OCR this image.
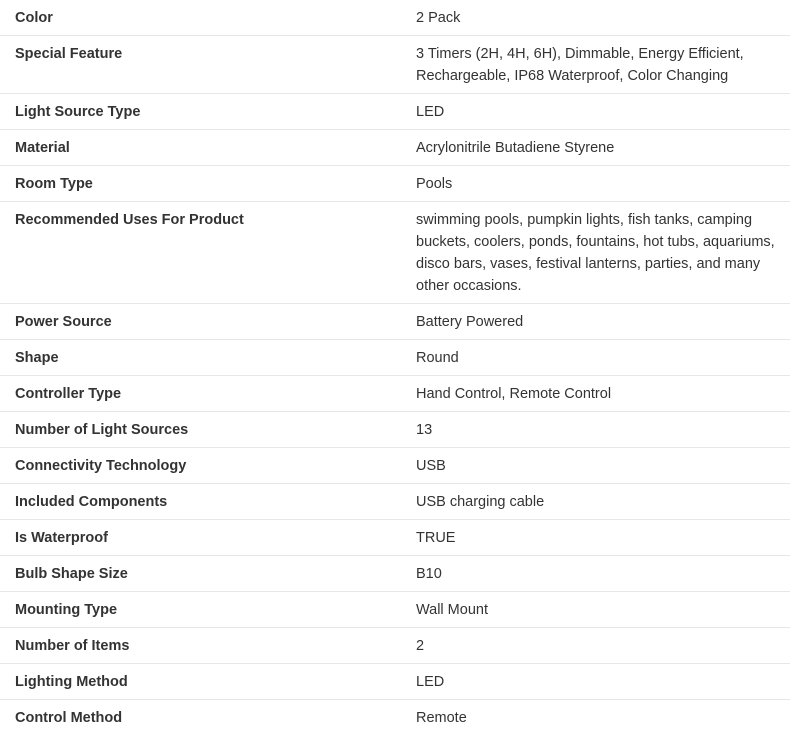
Color	2 Pack
Special Feature	3 Timers (2H, 4H, 6H), Dimmable, Energy Efficient, Rechargeable, IP68 Waterproof, Color Changing
Light Source Type	LED
Material	Acrylonitrile Butadiene Styrene
Room Type	Pools
Recommended Uses For Product	swimming pools, pumpkin lights, fish tanks, camping buckets, coolers, ponds, fountains, hot tubs, aquariums, disco bars, vases, festival lanterns, parties, and many other occasions.
Power Source	Battery Powered
Shape	Round
Controller Type	Hand Control, Remote Control
Number of Light Sources	13
Connectivity Technology	USB
Included Components	USB charging cable
Is Waterproof	TRUE
Bulb Shape Size	B10
Mounting Type	Wall Mount
Number of Items	2
Lighting Method	LED
Control Method	Remote
